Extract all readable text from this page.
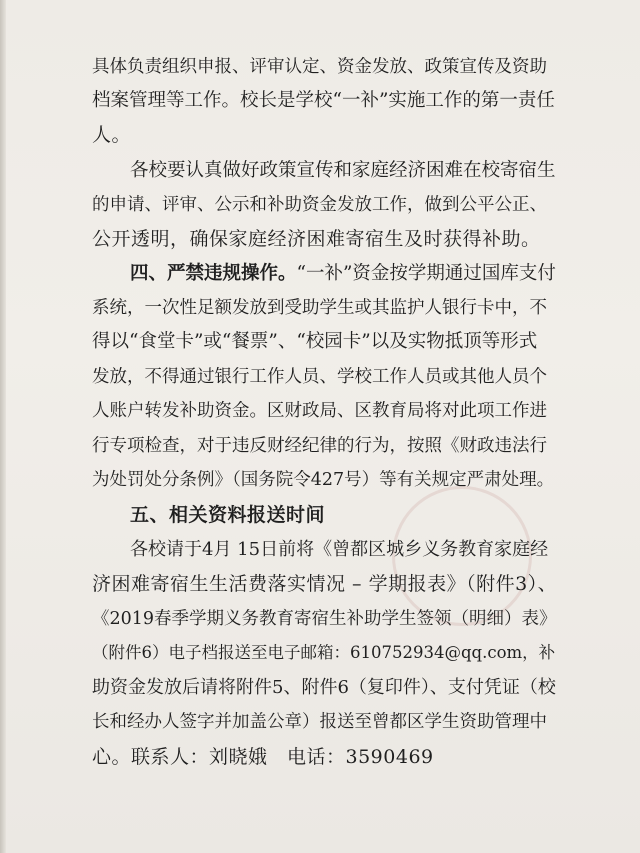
具体负责组织申报、评审认定、资金发放、政策宣传及资助
档案管理等工作。校长是学校“一补”实施工作的第一责任
人。
各校要认真做好政策宣传和家庭经济困难在校寄宿生
的申请、评审、公示和补助资金发放工作，做到公平公正、
公开透明，确保家庭经济困难寄宿生及时获得补助。
四、严禁违规操作。 “一补”资金按学期通过国库支付
系统，一次性足额发放到受助学生或其监护人银行卡中，不
得以“食堂卡”或“餐票”、“校园卡”以及实物抵顶等形式
发放，不得通过银行工作人员、学校工作人员或其他人员个
人账户转发补助资金。区财政局、区教育局将对此项工作进
行专项检查，对于违反财经纪律的行为，按照《财政违法行
为处罚处分条例》（国务院令427号）等有关规定严肃处理。
五、相关资料报送时间
各校请于4月 15日前将《曾都区城乡义务教育家庭经
济困难寄宿生生活费落实情况 – 学期报表》（附件3）、
《2019春季学期义务教育寄宿生补助学生签领（明细）表》
（附件6）电子档报送至电子邮箱：610752934@qq.com，补
助资金发放后请将附件5、附件6（复印件）、支付凭证（校
长和经办人签字并加盖公章）报送至曾都区学生资助管理中
心。联系人：刘晓娥　电话：3590469
